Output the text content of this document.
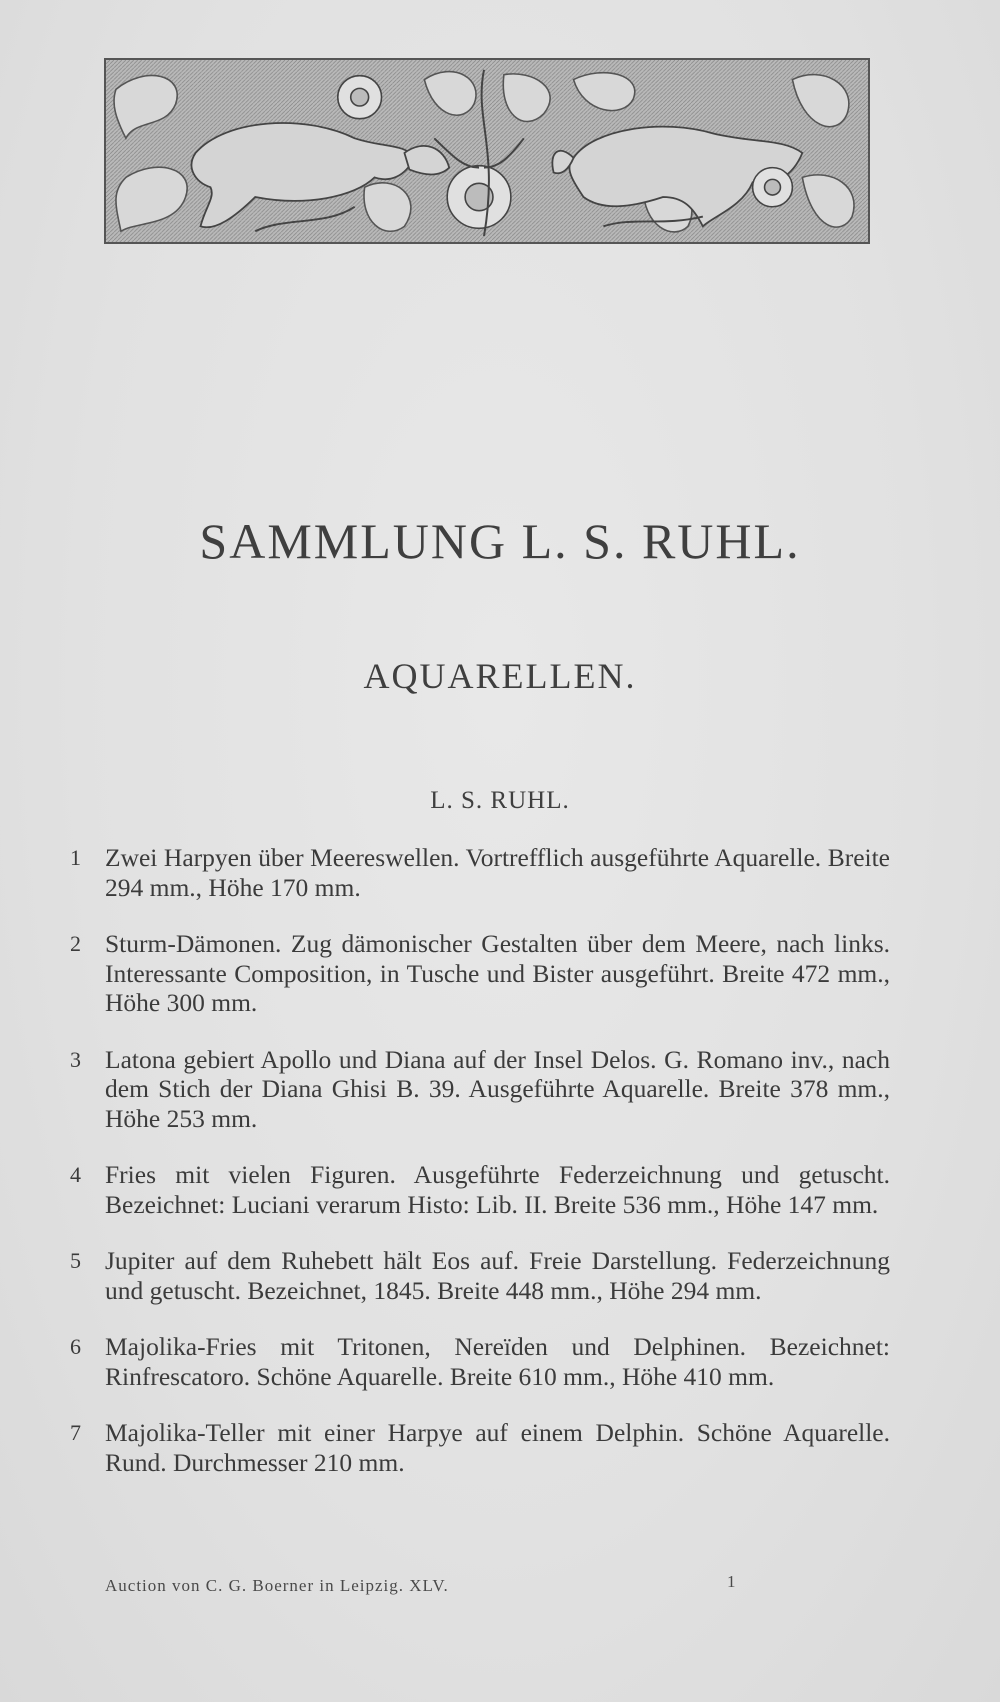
SAMMLUNG L. S. RUHL.
AQUARELLEN.
L. S. RUHL.
1 Zwei Harpyen über Meereswellen. Vortrefflich ausgeführte Aquarelle. Breite 294 mm., Höhe 170 mm.
2 Sturm-Dämonen. Zug dämonischer Gestalten über dem Meere, nach links. Interessante Composition, in Tusche und Bister ausgeführt. Breite 472 mm., Höhe 300 mm.
3 Latona gebiert Apollo und Diana auf der Insel Delos. G. Romano inv., nach dem Stich der Diana Ghisi B. 39. Ausgeführte Aquarelle. Breite 378 mm., Höhe 253 mm.
4 Fries mit vielen Figuren. Ausgeführte Federzeichnung und getuscht. Bezeichnet: Luciani verarum Histo: Lib. II. Breite 536 mm., Höhe 147 mm.
5 Jupiter auf dem Ruhebett hält Eos auf. Freie Darstellung. Federzeichnung und getuscht. Bezeichnet, 1845. Breite 448 mm., Höhe 294 mm.
6 Majolika-Fries mit Tritonen, Nereïden und Delphinen. Bezeichnet: Rinfrescatoro. Schöne Aquarelle. Breite 610 mm., Höhe 410 mm.
7 Majolika-Teller mit einer Harpye auf einem Delphin. Schöne Aquarelle. Rund. Durchmesser 210 mm.
Auction von C. G. Boerner in Leipzig. XLV.	1
